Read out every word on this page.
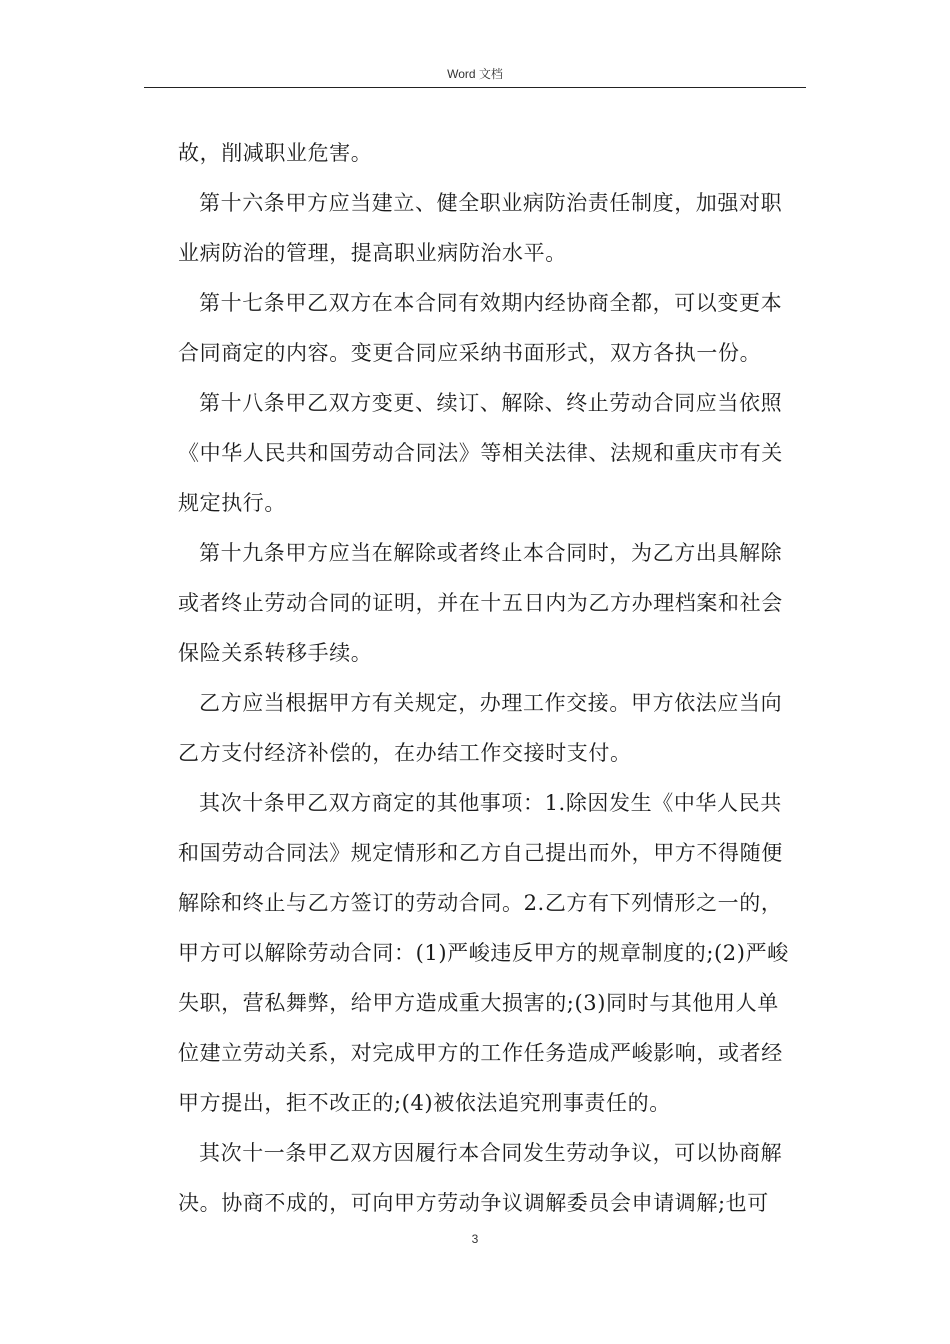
Word 文档
故，削减职业危害。
第十六条甲方应当建立、健全职业病防治责任制度，加强对职
业病防治的管理，提高职业病防治水平。
第十七条甲乙双方在本合同有效期内经协商全都，可以变更本
合同商定的内容。变更合同应采纳书面形式，双方各执一份。
第十八条甲乙双方变更、续订、解除、终止劳动合同应当依照
《中华人民共和国劳动合同法》等相关法律、法规和重庆市有关
规定执行。
第十九条甲方应当在解除或者终止本合同时，为乙方出具解除
或者终止劳动合同的证明，并在十五日内为乙方办理档案和社会
保险关系转移手续。
乙方应当根据甲方有关规定，办理工作交接。甲方依法应当向
乙方支付经济补偿的，在办结工作交接时支付。
其次十条甲乙双方商定的其他事项：1.除因发生《中华人民共
和国劳动合同法》规定情形和乙方自己提出而外，甲方不得随便
解除和终止与乙方签订的劳动合同。2.乙方有下列情形之一的，
甲方可以解除劳动合同：(1)严峻违反甲方的规章制度的;(2)严峻
失职，营私舞弊，给甲方造成重大损害的;(3)同时与其他用人单
位建立劳动关系，对完成甲方的工作任务造成严峻影响，或者经
甲方提出，拒不改正的;(4)被依法追究刑事责任的。
其次十一条甲乙双方因履行本合同发生劳动争议，可以协商解
决。协商不成的，可向甲方劳动争议调解委员会申请调解;也可
3
